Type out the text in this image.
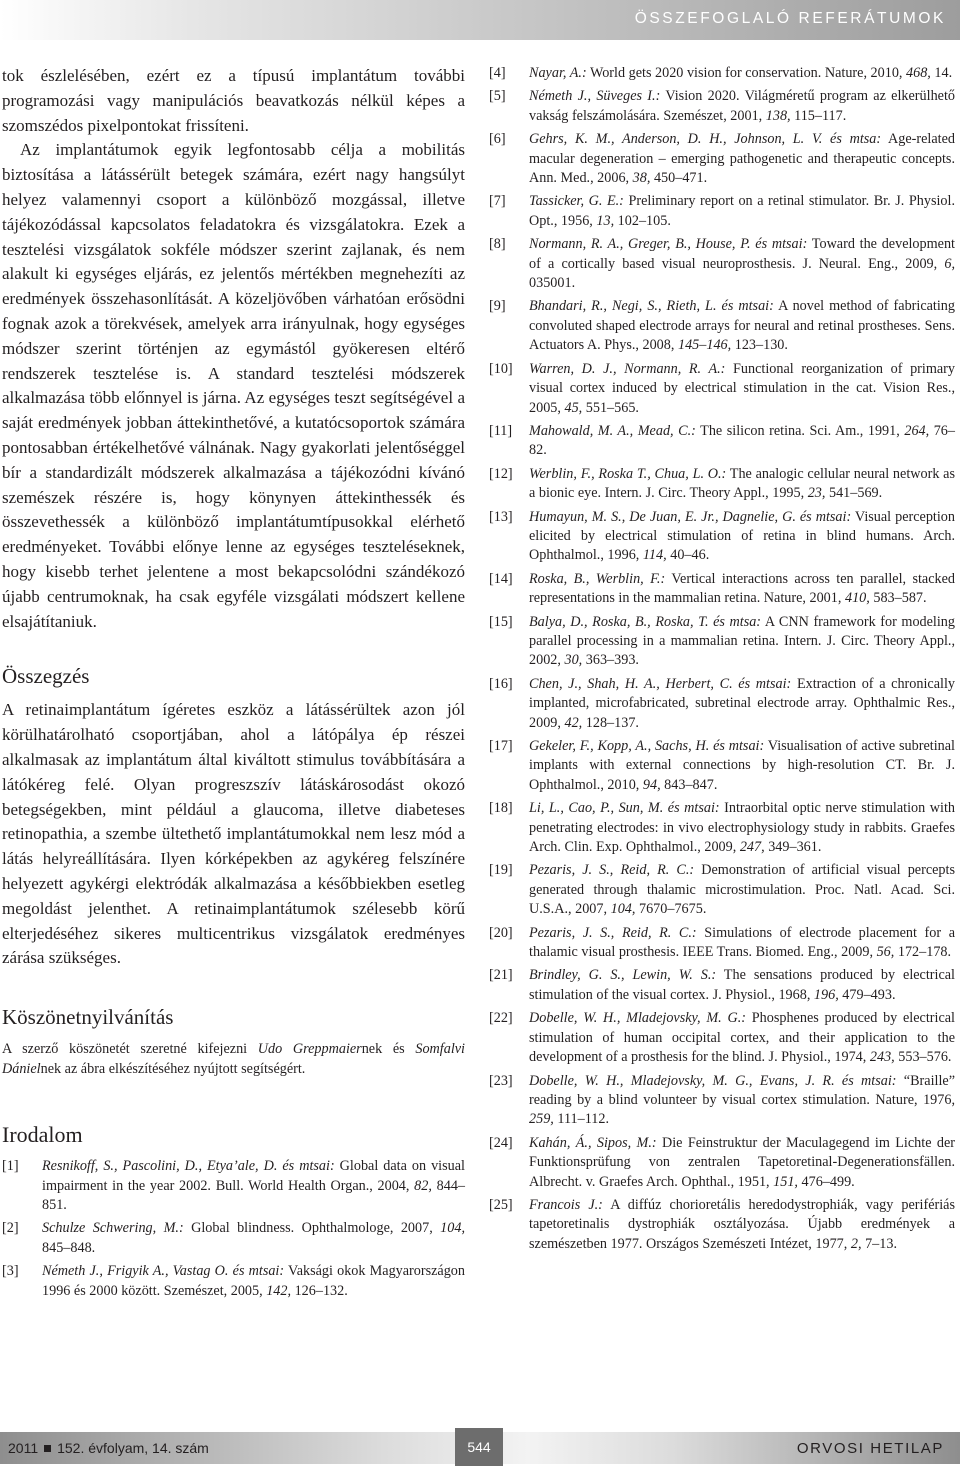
ÖSSZEFOGLALÓ REFERÁTUMOK

tok észlelésében, ezért ez a típusú implantátum további programozási vagy manipulációs beavatkozás nélkül képes a szomszédos pixelpontokat frissíteni.

Az implantátumok egyik legfontosabb célja a mobilitás biztosítása a látássérült betegek számára, ezért nagy hangsúlyt helyez valamennyi csoport a különböző mozgással, illetve tájékozódással kapcsolatos feladatokra és vizsgálatokra. Ezek a tesztelési vizsgálatok sokféle módszer szerint zajlanak, és nem alakult ki egységes eljárás, ez jelentős mértékben megnehezíti az eredmények összehasonlítását. A közeljövőben várhatóan erősödni fognak azok a törekvések, amelyek arra irányulnak, hogy egységes módszer szerint történjen az egymástól gyökeresen eltérő rendszerek tesztelése is. A standard tesztelési módszerek alkalmazása több előnnyel is járna. Az egységes teszt segítségével a saját eredmények jobban áttekinthetővé, a kutatócsoportok számára pontosabban értékelhetővé válnának. Nagy gyakorlati jelentőséggel bír a standardizált módszerek alkalmazása a tájékozódni kívánó szemészek részére is, hogy könynyen áttekinthessék és összevethessék a különböző implantátumtípusokkal elérhető eredményeket. További előnye lenne az egységes teszteléseknek, hogy kisebb terhet jelentene a most bekapcsolódni szándékozó újabb centrumoknak, ha csak egyféle vizsgálati módszert kellene elsajátítaniuk.

Összegzés

A retinaimplantátum ígéretes eszköz a látássérültek azon jól körülhatárolható csoportjában, ahol a látópálya ép részei alkalmasak az implantátum által kiváltott stimulus továbbítására a látókéreg felé. Olyan progreszszív látáskárosodást okozó betegségekben, mint például a glaucoma, illetve diabeteses retinopathia, a szembe ültethető implantátumokkal nem lesz mód a látás helyreállítására. Ilyen kórképekben az agykéreg felszínére helyezett agykérgi elektródák alkalmazása a későbbiekben esetleg megoldást jelenthet. A retinaimplantátumok szélesebb körű elterjedéséhez sikeres multicentrikus vizsgálatok eredményes zárása szükséges.

Köszönetnyilvánítás

A szerző köszönetét szeretné kifejezni Udo Greppmaiernek és Somfalvi Dánielnek az ábra elkészítéséhez nyújtott segítségért.

Irodalom
[1] Resnikoff, S., Pascolini, D., Etya’ale, D. és mtsai: Global data on visual impairment in the year 2002. Bull. World Health Organ., 2004, 82, 844–851.
[2] Schulze Schwering, M.: Global blindness. Ophthalmologe, 2007, 104, 845–848.
[3] Németh J., Frigyik A., Vastag O. és mtsai: Vaksági okok Magyarországon 1996 és 2000 között. Szemészet, 2005, 142, 126–132.
[4] Nayar, A.: World gets 2020 vision for conservation. Nature, 2010, 468, 14.
[5] Németh J., Süveges I.: Vision 2020. Világméretű program az elkerülhető vakság felszámolására. Szemészet, 2001, 138, 115–117.
[6] Gehrs, K. M., Anderson, D. H., Johnson, L. V. és mtsa: Age-related macular degeneration – emerging pathogenetic and therapeutic concepts. Ann. Med., 2006, 38, 450–471.
[7] Tassicker, G. E.: Preliminary report on a retinal stimulator. Br. J. Physiol. Opt., 1956, 13, 102–105.
[8] Normann, R. A., Greger, B., House, P. és mtsai: Toward the development of a cortically based visual neuroprosthesis. J. Neural. Eng., 2009, 6, 035001.
[9] Bhandari, R., Negi, S., Rieth, L. és mtsai: A novel method of fabricating convoluted shaped electrode arrays for neural and retinal prostheses. Sens. Actuators A. Phys., 2008, 145–146, 123–130.
[10] Warren, D. J., Normann, R. A.: Functional reorganization of primary visual cortex induced by electrical stimulation in the cat. Vision Res., 2005, 45, 551–565.
[11] Mahowald, M. A., Mead, C.: The silicon retina. Sci. Am., 1991, 264, 76–82.
[12] Werblin, F., Roska T., Chua, L. O.: The analogic cellular neural network as a bionic eye. Intern. J. Circ. Theory Appl., 1995, 23, 541–569.
[13] Humayun, M. S., De Juan, E. Jr., Dagnelie, G. és mtsai: Visual perception elicited by electrical stimulation of retina in blind humans. Arch. Ophthalmol., 1996, 114, 40–46.
[14] Roska, B., Werblin, F.: Vertical interactions across ten parallel, stacked representations in the mammalian retina. Nature, 2001, 410, 583–587.
[15] Balya, D., Roska, B., Roska, T. és mtsa: A CNN framework for modeling parallel processing in a mammalian retina. Intern. J. Circ. Theory Appl., 2002, 30, 363–393.
[16] Chen, J., Shah, H. A., Herbert, C. és mtsai: Extraction of a chronically implanted, microfabricated, subretinal electrode array. Ophthalmic Res., 2009, 42, 128–137.
[17] Gekeler, F., Kopp, A., Sachs, H. és mtsai: Visualisation of active subretinal implants with external connections by high-resolution CT. Br. J. Ophthalmol., 2010, 94, 843–847.
[18] Li, L., Cao, P., Sun, M. és mtsai: Intraorbital optic nerve stimulation with penetrating electrodes: in vivo electrophysiology study in rabbits. Graefes Arch. Clin. Exp. Ophthalmol., 2009, 247, 349–361.
[19] Pezaris, J. S., Reid, R. C.: Demonstration of artificial visual percepts generated through thalamic microstimulation. Proc. Natl. Acad. Sci. U.S.A., 2007, 104, 7670–7675.
[20] Pezaris, J. S., Reid, R. C.: Simulations of electrode placement for a thalamic visual prosthesis. IEEE Trans. Biomed. Eng., 2009, 56, 172–178.
[21] Brindley, G. S., Lewin, W. S.: The sensations produced by electrical stimulation of the visual cortex. J. Physiol., 1968, 196, 479–493.
[22] Dobelle, W. H., Mladejovsky, M. G.: Phosphenes produced by electrical stimulation of human occipital cortex, and their application to the development of a prosthesis for the blind. J. Physiol., 1974, 243, 553–576.
[23] Dobelle, W. H., Mladejovsky, M. G., Evans, J. R. és mtsai: “Braille” reading by a blind volunteer by visual cortex stimulation. Nature, 1976, 259, 111–112.
[24] Kahán, Á., Sipos, M.: Die Feinstruktur der Maculagegend im Lichte der Funktionsprüfung von zentralen Tapetoretinal-Degenerationsfällen. Albrecht. v. Graefes Arch. Ophthal., 1951, 151, 476–499.
[25] Francois J.: A diffúz chorioretális heredodystrophiák, vagy perifériás tapetoretinalis dystrophiák osztályozása. Újabb eredmények a szemészetben 1977. Országos Szemészeti Intézet, 1977, 2, 7–13.
2011 152. évfolyam, 14. szám	544	ORVOSI HETILAP
